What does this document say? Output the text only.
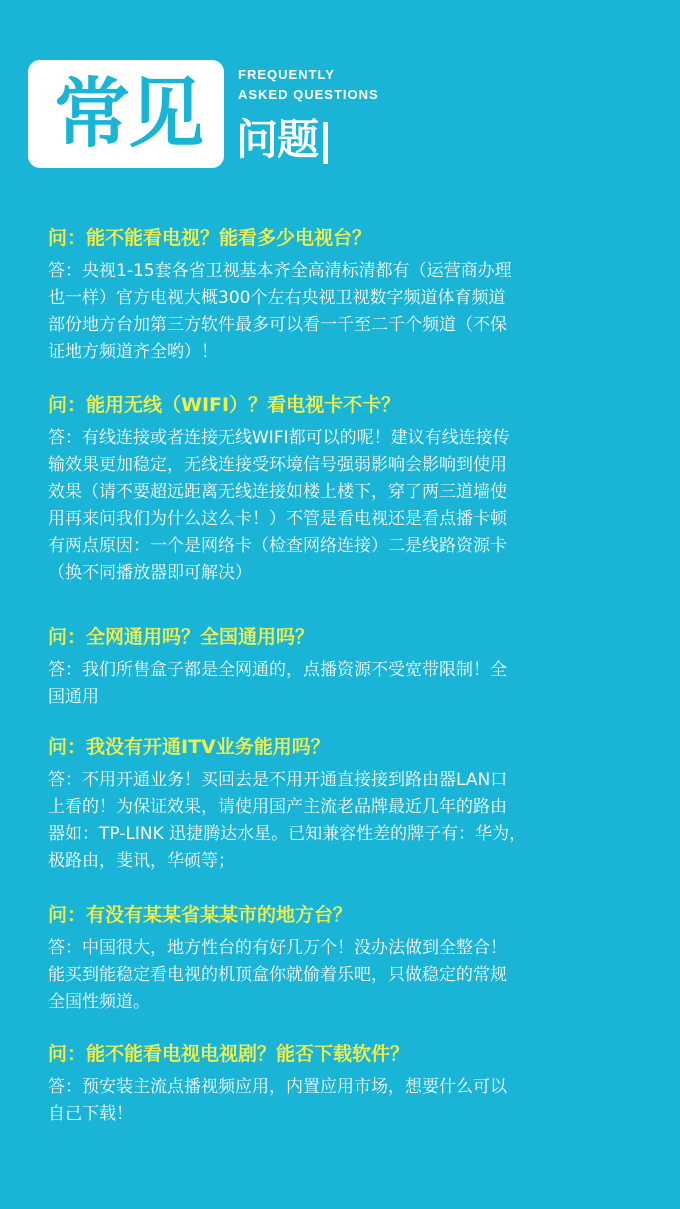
常见	FREQUENTLY
ASKED QUESTIONS
问题|

问：能不能看电视？能看多少电视台？

答：央视1-15套各省卫视基本齐全高清标清都有（运营商办理
也一样）官方电视大概300个左右央视卫视数字频道体育频道
部份地方台加第三方软件最多可以看一千至二千个频道（不保
证地方频道齐全哟）！

问：能用无线（WIFI）？看电视卡不卡？

答：有线连接或者连接无线WIFI都可以的呢！建议有线连接传
输效果更加稳定，无线连接受环境信号强弱影响会影响到使用
效果（请不要超远距离无线连接如楼上楼下，穿了两三道墙使
用再来问我们为什么这么卡！）不管是看电视还是看点播卡顿
有两点原因：一个是网络卡（检查网络连接）二是线路资源卡
（换不同播放器即可解决）

问：全网通用吗？全国通用吗？

答：我们所售盒子都是全网通的，点播资源不受宽带限制！全
国通用

问：我没有开通ITV业务能用吗？

答：不用开通业务！买回去是不用开通直接接到路由器LAN口
上看的！为保证效果，请使用国产主流老品牌最近几年的路由
器如：TP-LINK 迅捷腾达水星。已知兼容性差的牌子有：华为，
极路由，斐讯，华硕等；

问：有没有某某省某某市的地方台？

答：中国很大，地方性台的有好几万个！没办法做到全整合！
能买到能稳定看电视的机顶盒你就偷着乐吧，只做稳定的常规
全国性频道。

问：能不能看电视电视剧？能否下载软件？

答：预安装主流点播视频应用，内置应用市场，想要什么可以
自己下载！
